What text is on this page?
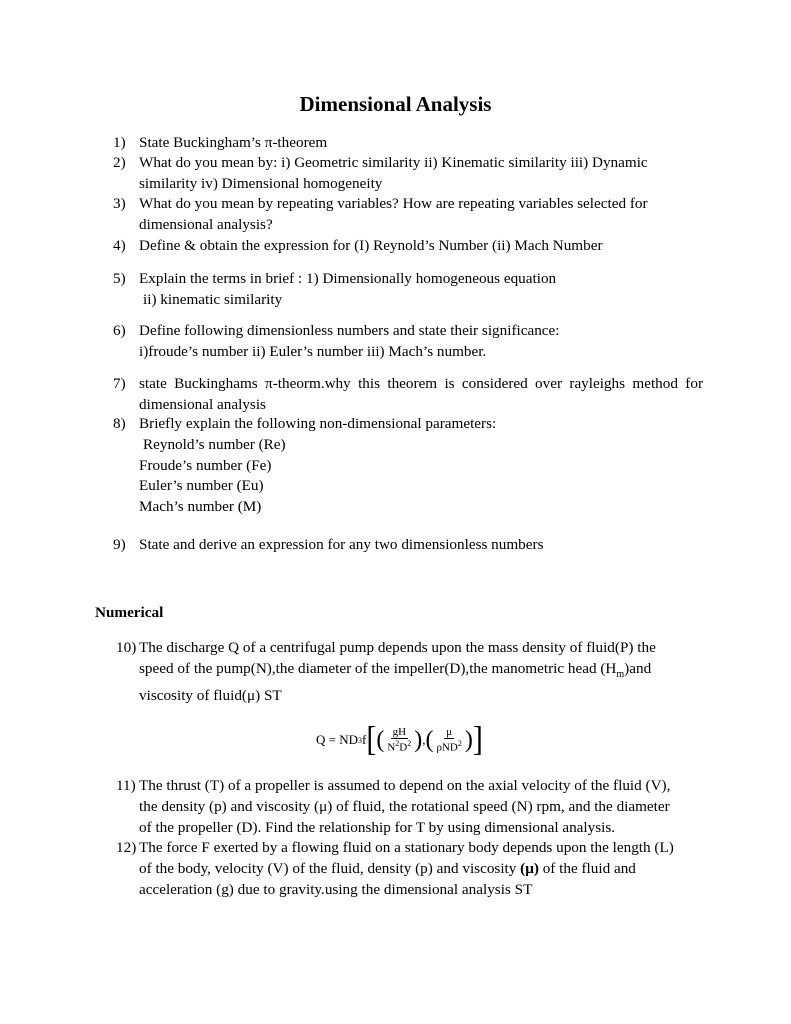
Dimensional Analysis
1) State Buckingham’s π-theorem
2) What do you mean by: i) Geometric similarity ii) Kinematic similarity iii) Dynamic
similarity iv) Dimensional homogeneity
3) What do you mean by repeating variables? How are repeating variables selected for
dimensional analysis?
4) Define & obtain the expression for (I) Reynold’s Number (ii) Mach Number
5) Explain the terms in brief : 1) Dimensionally homogeneous equation
ii) kinematic similarity
6) Define following dimensionless numbers and state their significance:
i)froude’s number ii) Euler’s number iii) Mach’s number.
7) state Buckinghams π-theorm.why this theorem is considered over rayleighs method for
dimensional analysis
8) Briefly explain the following non-dimensional parameters:
Reynold’s number (Re)
Froude’s number (Fe)
Euler’s number (Eu)
Mach’s number (M)
9) State and derive an expression for any two dimensionless numbers
Numerical
10) The discharge Q of a centrifugal pump depends upon the mass density of fluid(P) the
speed of the pump(N),the diameter of the impeller(D),the manometric head $(H_m)and$
viscosity of fluid(μ) ST
Q = ND 3 f [ ( $\frac{gH}{N^2D^2}$ ) , ( $\frac{\mu}{\rho ND^2}$ ) ]
11) The thrust (T) of a propeller is assumed to depend on the axial velocity of the fluid (V),
the density (p) and viscosity (μ) of fluid, the rotational speed (N) rpm, and the diameter
of the propeller (D). Find the relationship for T by using dimensional analysis.
12) The force F exerted by a flowing fluid on a stationary body depends upon the length (L)
of the body, velocity (V) of the fluid, density (p) and viscosity (μ) of the fluid and
acceleration (g) due to gravity.using the dimensional analysis ST
